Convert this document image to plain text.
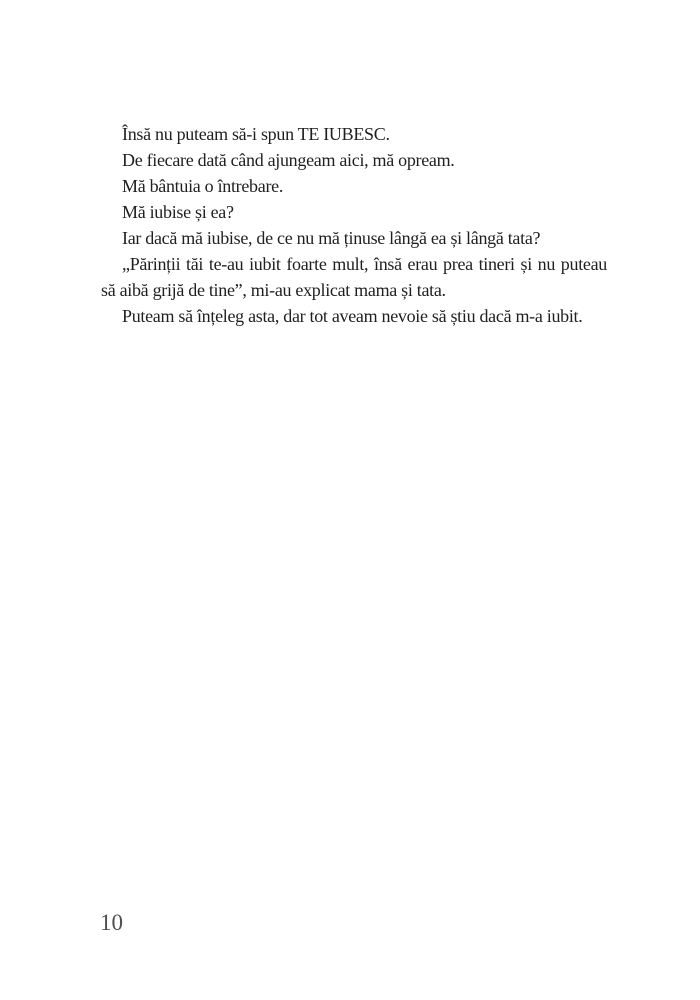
Însă nu puteam să-i spun TE IUBESC.

De fiecare dată când ajungeam aici, mă opream.

Mă bântuia o întrebare.

Mă iubise și ea?

Iar dacă mă iubise, de ce nu mă ținuse lângă ea și lângă tata?

„Părinții tăi te-au iubit foarte mult, însă erau prea tineri și nu puteau să aibă grijă de tine”, mi-au explicat mama și tata.

Puteam să înțeleg asta, dar tot aveam nevoie să știu dacă m-a iubit.

10
